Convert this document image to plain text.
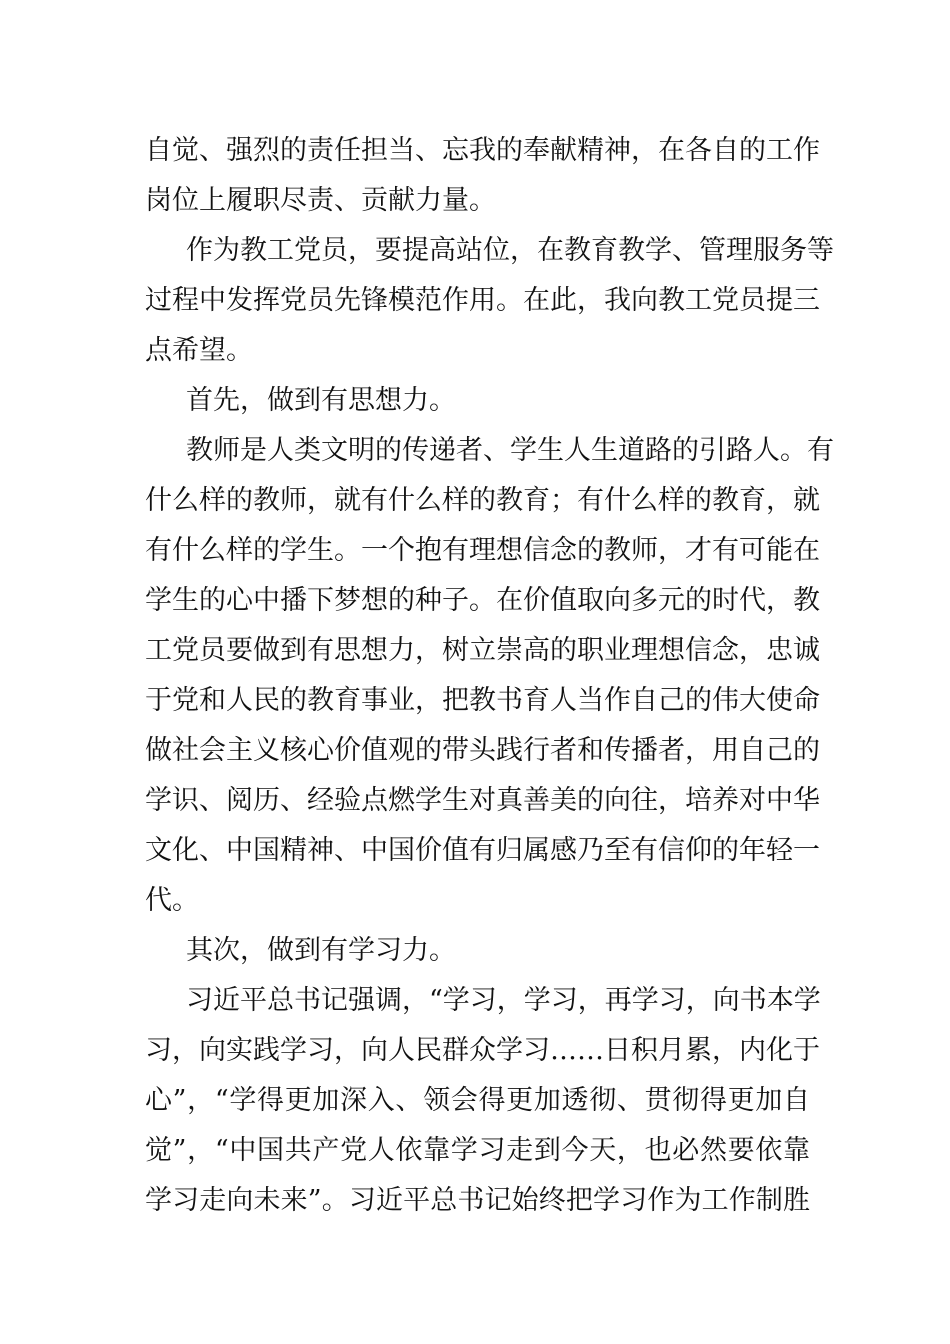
自觉、强烈的责任担当、忘我的奉献精神，在各自的工作
岗位上履职尽责、贡献力量。
作为教工党员，要提高站位，在教育教学、管理服务等
过程中发挥党员先锋模范作用。在此，我向教工党员提三
点希望。
首先，做到有思想力。
教师是人类文明的传递者、学生人生道路的引路人。有
什么样的教师，就有什么样的教育；有什么样的教育，就
有什么样的学生。一个抱有理想信念的教师，才有可能在
学生的心中播下梦想的种子。在价值取向多元的时代，教
工党员要做到有思想力，树立崇高的职业理想信念，忠诚
于党和人民的教育事业，把教书育人当作自己的伟大使命
做社会主义核心价值观的带头践行者和传播者，用自己的
学识、阅历、经验点燃学生对真善美的向往，培养对中华
文化、中国精神、中国价值有归属感乃至有信仰的年轻一
代。
其次，做到有学习力。
习近平总书记强调，“学习，学习，再学习，向书本学
习，向实践学习，向人民群众学习……日积月累，内化于
心”，“学得更加深入、领会得更加透彻、贯彻得更加自
觉”，“中国共产党人依靠学习走到今天，也必然要依靠
学习走向未来”。习近平总书记始终把学习作为工作制胜
